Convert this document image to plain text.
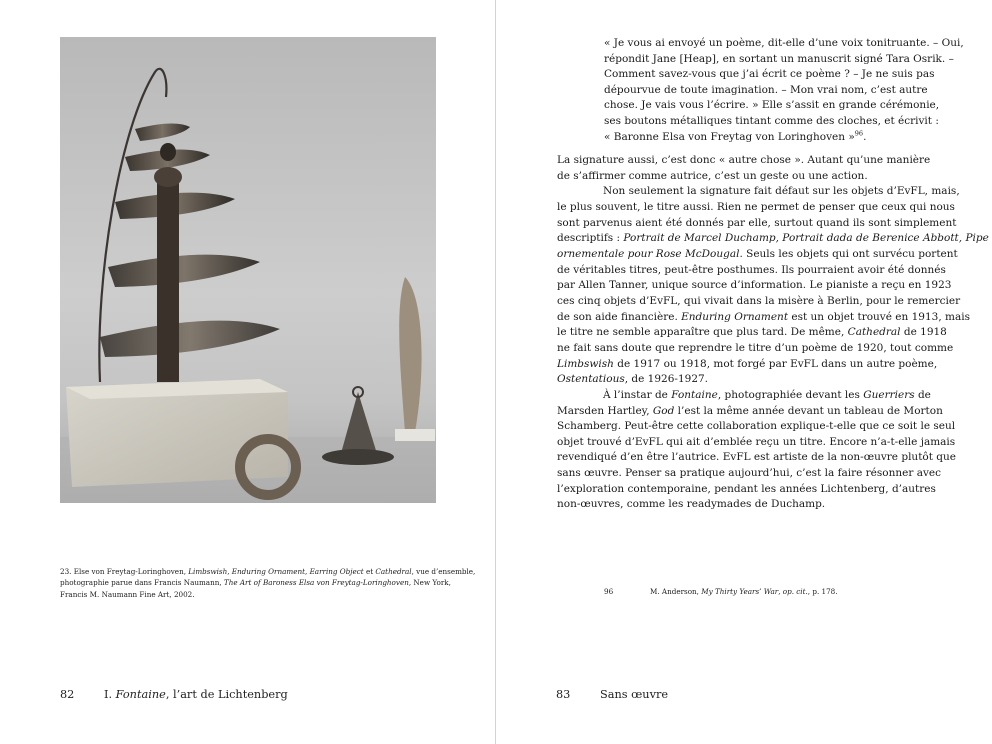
23. Else von Freytag-Loringhoven, Limbswish, Enduring Ornament, Earring Object et Cathedral, vue d’ensemble,
photographie parue dans Francis Naumann, The Art of Baroness Elsa von Freytag-Loringhoven, New York,
Francis M. Naumann Fine Art, 2002.
82	I. Fontaine, l’art de Lichtenberg
« Je vous ai envoyé un poème, dit-elle d’une voix tonitruante. – Oui,
répondit Jane [Heap], en sortant un manuscrit signé Tara Osrik. –
Comment savez-vous que j’ai écrit ce poème ? – Je ne suis pas
dépourvue de toute imagination. – Mon vrai nom, c’est autre
chose. Je vais vous l’écrire. » Elle s’assit en grande cérémonie,
ses boutons métalliques tintant comme des cloches, et écrivit :
« Baronne Elsa von Freytag von Loringhoven »$^{96}$.
La signature aussi, c’est donc « autre chose ». Autant qu’une manière
de s’affirmer comme autrice, c’est un geste ou une action.
Non seulement la signature fait défaut sur les objets d’EvFL, mais,
le plus souvent, le titre aussi. Rien ne permet de penser que ceux qui nous
sont parvenus aient été donnés par elle, surtout quand ils sont simplement
descriptifs : Portrait de Marcel Duchamp, Portrait dada de Berenice Abbott, Pipe
ornementale pour Rose McDougal. Seuls les objets qui ont survécu portent
de véritables titres, peut-être posthumes. Ils pourraient avoir été donnés
par Allen Tanner, unique source d’information. Le pianiste a reçu en 1923
ces cinq objets d’EvFL, qui vivait dans la misère à Berlin, pour le remercier
de son aide financière. Enduring Ornament est un objet trouvé en 1913, mais
le titre ne semble apparaître que plus tard. De même, Cathedral de 1918
ne fait sans doute que reprendre le titre d’un poème de 1920, tout comme
Limbswish de 1917 ou 1918, mot forgé par EvFL dans un autre poème,
Ostentatious, de 1926-1927.
À l’instar de Fontaine, photographiée devant les Guerriers de
Marsden Hartley, God l’est la même année devant un tableau de Morton
Schamberg. Peut-être cette collaboration explique-t-elle que ce soit le seul
objet trouvé d’EvFL qui ait d’emblée reçu un titre. Encore n’a-t-elle jamais
revendiqué d’en être l’autrice. EvFL est artiste de la non-œuvre plutôt que
sans œuvre. Penser sa pratique aujourd’hui, c’est la faire résonner avec
l’exploration contemporaine, pendant les années Lichtenberg, d’autres
non-œuvres, comme les readymades de Duchamp.
96	M. Anderson, My Thirty Years’ War, op. cit., p. 178.
83	Sans œuvre
